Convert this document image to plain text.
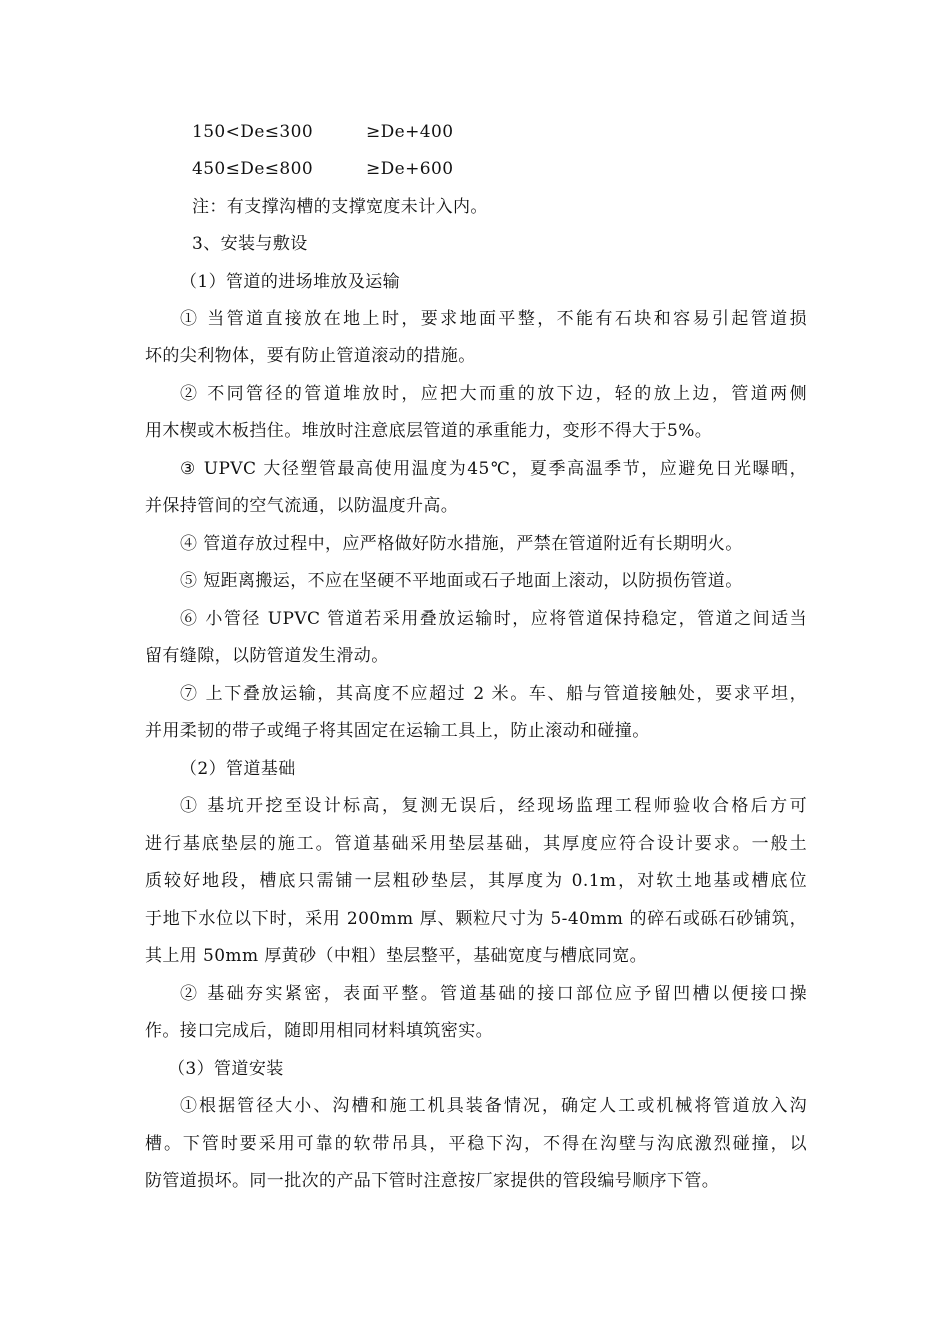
150<De≤300	≥De+400
450≤De≤800	≥De+600
注：有支撑沟槽的支撑宽度未计入内。
3、安装与敷设
（1）管道的进场堆放及运输
① 当管道直接放在地上时，要求地面平整，不能有石块和容易引起管道损
坏的尖利物体，要有防止管道滚动的措施。
② 不同管径的管道堆放时，应把大而重的放下边，轻的放上边，管道两侧
用木楔或木板挡住。堆放时注意底层管道的承重能力，变形不得大于5%。
③ UPVC 大径塑管最高使用温度为45℃，夏季高温季节，应避免日光曝晒，
并保持管间的空气流通，以防温度升高。
④ 管道存放过程中，应严格做好防水措施，严禁在管道附近有长期明火。
⑤ 短距离搬运，不应在坚硬不平地面或石子地面上滚动，以防损伤管道。
⑥ 小管径 UPVC 管道若采用叠放运输时，应将管道保持稳定，管道之间适当
留有缝隙，以防管道发生滑动。
⑦ 上下叠放运输，其高度不应超过 2 米。车、船与管道接触处，要求平坦，
并用柔韧的带子或绳子将其固定在运输工具上，防止滚动和碰撞。
（2）管道基础
① 基坑开挖至设计标高，复测无误后，经现场监理工程师验收合格后方可
进行基底垫层的施工。管道基础采用垫层基础，其厚度应符合设计要求。一般土
质较好地段，槽底只需铺一层粗砂垫层，其厚度为 0.1m，对软土地基或槽底位
于地下水位以下时，采用 200mm 厚、颗粒尺寸为 5-40mm 的碎石或砾石砂铺筑，
其上用 50mm 厚黄砂（中粗）垫层整平，基础宽度与槽底同宽。
② 基础夯实紧密，表面平整。管道基础的接口部位应予留凹槽以便接口操
作。接口完成后，随即用相同材料填筑密实。
（3）管道安装
①根据管径大小、沟槽和施工机具装备情况，确定人工或机械将管道放入沟
槽。下管时要采用可靠的软带吊具，平稳下沟，不得在沟壁与沟底激烈碰撞，以
防管道损坏。同一批次的产品下管时注意按厂家提供的管段编号顺序下管。
